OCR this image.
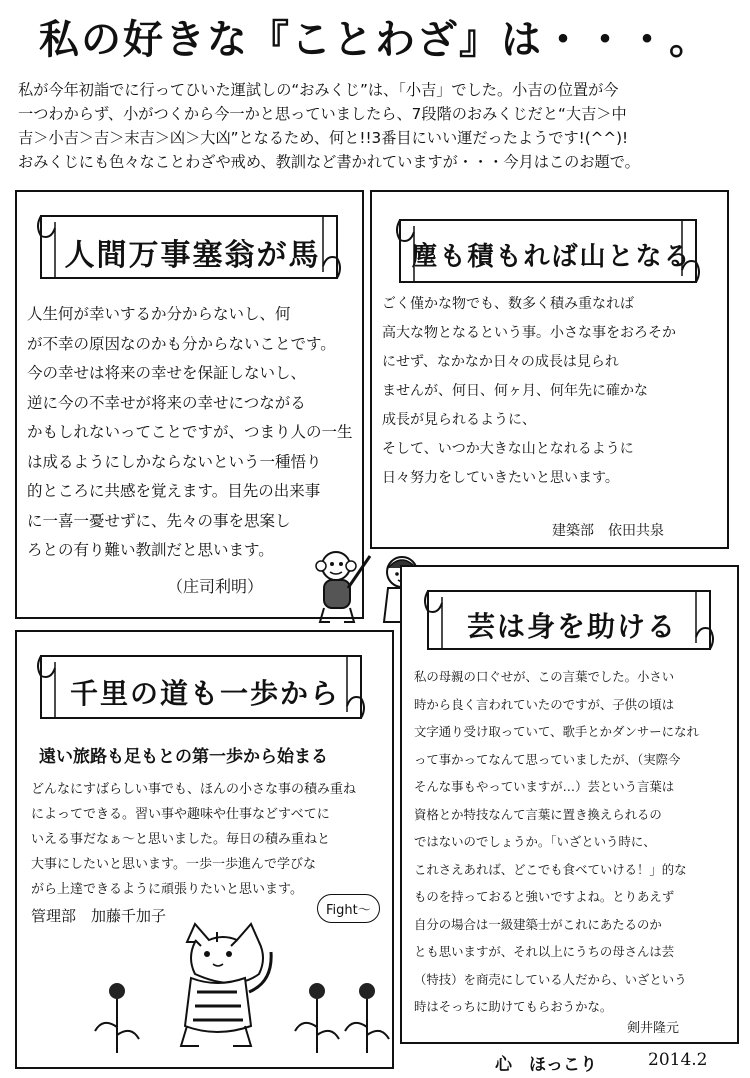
私の好きな『ことわざ』は・・・。
私が今年初詣でに行ってひいた運試しの“おみくじ”は、「小吉」でした。小吉の位置が今
一つわからず、小がつくから今一かと思っていましたら、7段階のおみくじだと“大吉＞中
吉＞小吉＞吉＞末吉＞凶＞大凶”となるため、何と!!3番目にいい運だったようです!(^^)!
おみくじにも色々なことわざや戒め、教訓など書かれていますが・・・今月はこのお題で。
人間万事塞翁が馬
人生何が幸いするか分からないし、何
が不幸の原因なのかも分からないことです。
今の幸せは将来の幸せを保証しないし、
逆に今の不幸せが将来の幸せにつながる
かもしれないってことですが、つまり人の一生
は成るようにしかならないという一種悟り
的ところに共感を覚えます。目先の出来事
に一喜一憂せずに、先々の事を思案し
ろとの有り難い教訓だと思います。
（庄司利明）
塵も積もれば山となる
ごく僅かな物でも、数多く積み重なれば
高大な物となるという事。小さな事をおろそか
にせず、なかなか日々の成長は見られ
ませんが、何日、何ヶ月、何年先に確かな
成長が見られるように、
そして、いつか大きな山となれるように
日々努力をしていきたいと思います。
建築部　依田共泉
千里の道も一歩から
遠い旅路も足もとの第一歩から始まる
どんなにすばらしい事でも、ほんの小さな事の積み重ね
によってできる。習い事や趣味や仕事などすべてに
いえる事だなぁ～と思いました。毎日の積み重ねと
大事にしたいと思います。一歩一歩進んで学びな
がら上達できるように頑張りたいと思います。
管理部　加藤千加子	Fight～
芸は身を助ける
私の母親の口ぐせが、この言葉でした。小さい
時から良く言われていたのですが、子供の頃は
文字通り受け取っていて、歌手とかダンサーになれ
って事かってなんて思っていましたが、（実際今
そんな事もやっていますが…）芸という言葉は
資格とか特技なんて言葉に置き換えられるの
ではないのでしょうか。「いざという時に、
これさえあれば、どこでも食べていける！」的な
ものを持っておると強いですよね。とりあえず
自分の場合は一級建築士がこれにあたるのか
とも思いますが、それ以上にうちの母さんは芸
（特技）を商売にしている人だから、いざという
時はそっちに助けてもらおうかな。
剣井隆元
心　ほっこり	2014.2
